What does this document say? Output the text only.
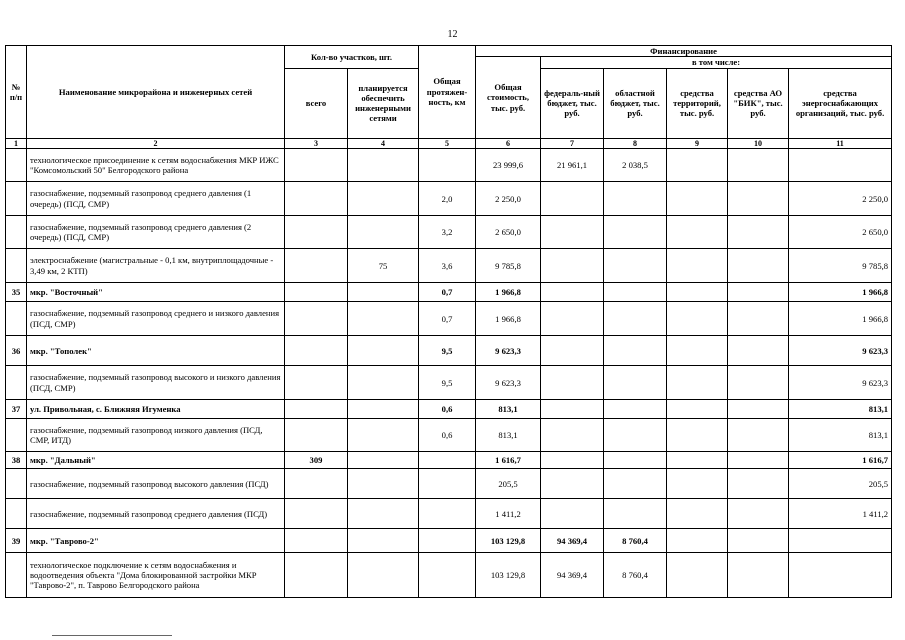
12
№ п/п	Наименование микрорайона и инженерных сетей	Кол-во участков, шт.		Общая протяжен-ность, км	Финансирование					
					Общая стоимость, тыс. руб.	в том числе:				
		всего	планируется обеспечить инженерными сетями			федераль-ный бюджет, тыс. руб.	областной бюджет, тыс. руб.	средства территорий, тыс. руб.	средства АО "БИК", тыс. руб.	средства энергоснабжающих организаций, тыс. руб.
1	2	3	4	5	6	7	8	9	10	11
	технологическое присоединение к сетям водоснабжения МКР ИЖС "Комсомольский 50" Белгородского района				23 999,6	21 961,1	2 038,5			
	газоснабжение, подземный газопровод среднего давления (1 очередь) (ПСД, СМР)			2,0	2 250,0					2 250,0
	газоснабжение, подземный газопровод среднего давления (2 очередь) (ПСД, СМР)			3,2	2 650,0					2 650,0
	электроснабжение (магистральные - 0,1 км, внутриплощадочные - 3,49 км, 2 КТП)		75	3,6	9 785,8					9 785,8
35	мкр. "Восточный"			0,7	1 966,8					1 966,8
	газоснабжение, подземный газопровод среднего и низкого давления (ПСД, СМР)			0,7	1 966,8					1 966,8
36	мкр. "Тополек"			9,5	9 623,3					9 623,3
	газоснабжение, подземный газопровод высокого и низкого давления (ПСД, СМР)			9,5	9 623,3					9 623,3
37	ул. Привольная, с. Ближняя Игуменка			0,6	813,1					813,1
	газоснабжение, подземный газопровод низкого давления (ПСД, СМР, ИТД)			0,6	813,1					813,1
38	мкр. "Дальный"	309			1 616,7					1 616,7
	газоснабжение, подземный газопровод высокого давления (ПСД)				205,5					205,5
	газоснабжение, подземный газопровод среднего давления (ПСД)				1 411,2					1 411,2
39	мкр. "Таврово-2"				103 129,8	94 369,4	8 760,4			
	технологическое подключение к сетям водоснабжения и водоотведения объекта "Дома блокированной застройки МКР "Таврово-2", п. Таврово Белгородского района				103 129,8	94 369,4	8 760,4			
